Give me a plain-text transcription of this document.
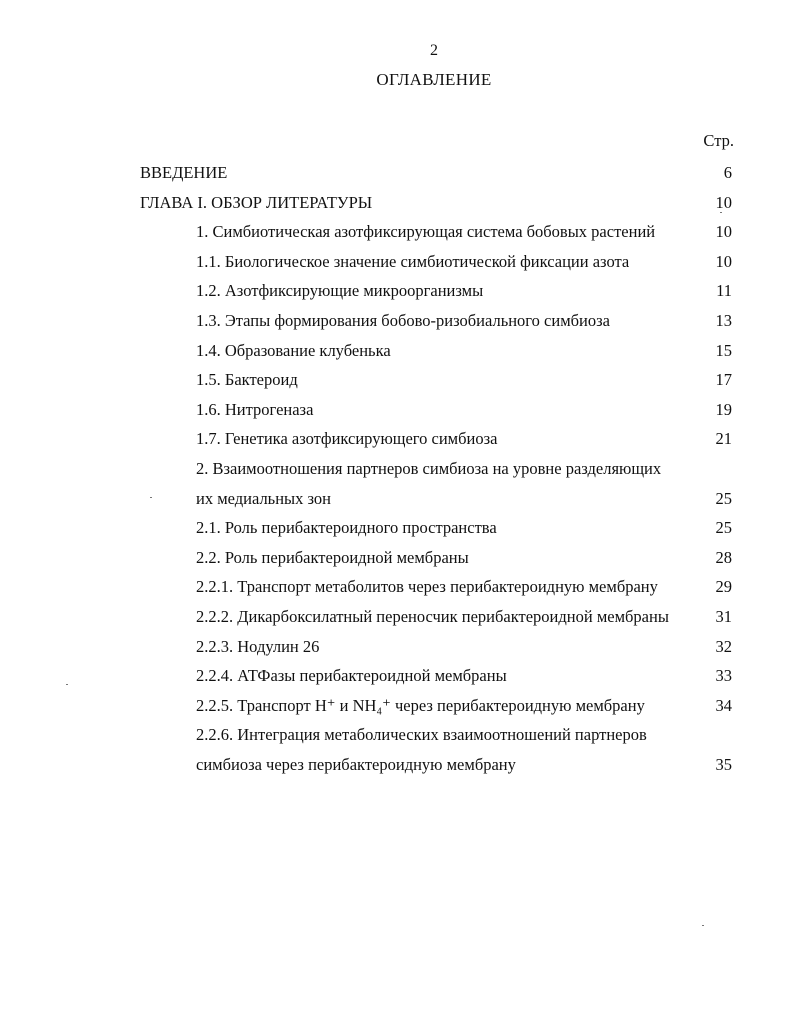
2
ОГЛАВЛЕНИЕ
Стр.
ВВЕДЕНИЕ	6
ГЛАВА I. ОБЗОР ЛИТЕРАТУРЫ	10
1. Симбиотическая азотфиксирующая система бобовых растений	10
1.1. Биологическое значение симбиотической фиксации азота	10
1.2. Азотфиксирующие микроорганизмы	11
1.3. Этапы формирования бобово-ризобиального симбиоза	13
1.4. Образование клубенька	15
1.5. Бактероид	17
1.6. Нитрогеназа	19
1.7. Генетика азотфиксирующего симбиоза	21
2. Взаимоотношения партнеров симбиоза на уровне разделяющих
их медиальных зон	25
2.1. Роль перибактероидного пространства	25
2.2. Роль перибактероидной мембраны	28
2.2.1. Транспорт метаболитов через перибактероидную мембрану	29
2.2.2. Дикарбоксилатный переносчик перибактероидной мембраны	31
2.2.3. Нодулин 26	32
2.2.4. АТФазы перибактероидной мембраны	33
2.2.5. Транспорт H⁺ и NH₄⁺ через перибактероидную мембрану	34
2.2.6. Интеграция метаболических взаимоотношений партнеров
симбиоза через перибактероидную мембрану	35
